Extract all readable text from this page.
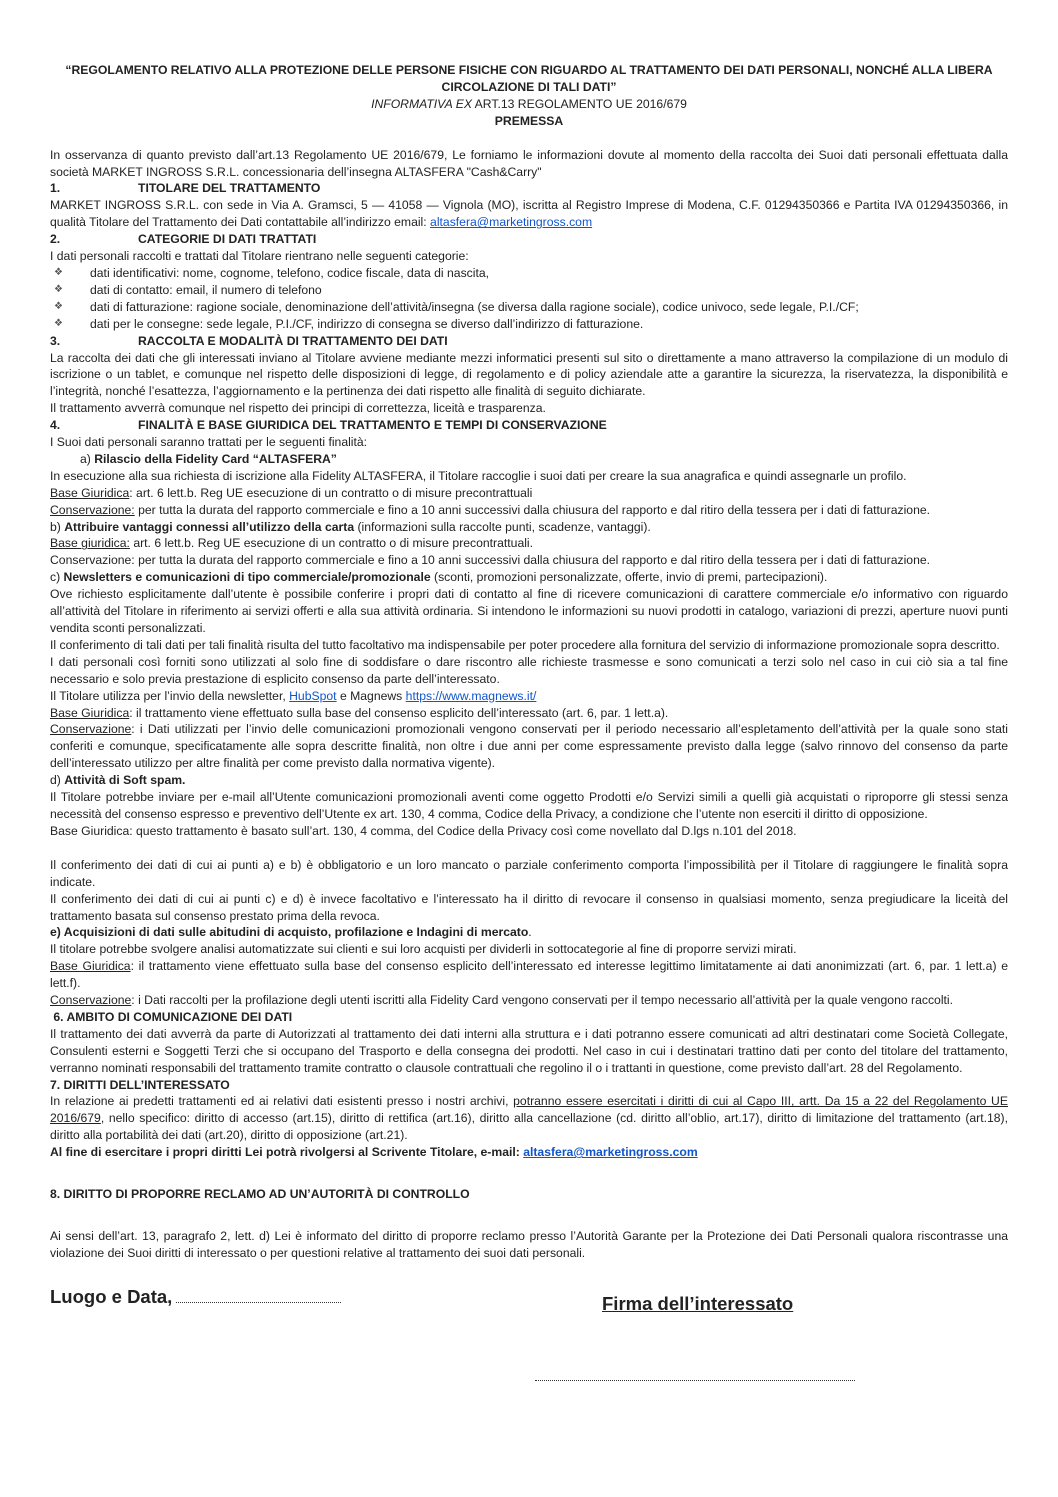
“REGOLAMENTO RELATIVO ALLA PROTEZIONE DELLE PERSONE FISICHE CON RIGUARDO AL TRATTAMENTO DEI DATI PERSONALI, NONCHÉ ALLA LIBERA CIRCOLAZIONE DI TALI DATI”
INFORMATIVA EX ART.13 REGOLAMENTO UE 2016/679
PREMESSA

In osservanza di quanto previsto dall’art.13 Regolamento UE 2016/679, Le forniamo le informazioni dovute al momento della raccolta dei Suoi dati personali effettuata dalla società MARKET INGROSS S.R.L. concessionaria dell’insegna ALTASFERA "Cash&Carry"

1.	TITOLARE DEL TRATTAMENTO

MARKET INGROSS S.R.L. con sede in Via A. Gramsci, 5 — 41058 — Vignola (MO), iscritta al Registro Imprese di Modena, C.F. 01294350366 e Partita IVA 01294350366, in qualità Titolare del Trattamento dei Dati contattabile all’indirizzo email: altasfera@marketingross.com

2.	CATEGORIE DI DATI TRATTATI

I dati personali raccolti e trattati dal Titolare rientrano nelle seguenti categorie:

❖	dati identificativi: nome, cognome, telefono, codice fiscale, data di nascita,
❖	dati di contatto: email, il numero di telefono
❖	dati di fatturazione: ragione sociale, denominazione dell’attività/insegna (se diversa dalla ragione sociale), codice univoco, sede legale, P.I./CF;
❖	dati per le consegne: sede legale, P.I./CF, indirizzo di consegna se diverso dall’indirizzo di fatturazione.
3.	RACCOLTA E MODALITÀ DI TRATTAMENTO DEI DATI

La raccolta dei dati che gli interessati inviano al Titolare avviene mediante mezzi informatici presenti sul sito o direttamente a mano attraverso la compilazione di un modulo di iscrizione o un tablet, e comunque nel rispetto delle disposizioni di legge, di regolamento e di policy aziendale atte a garantire la sicurezza, la riservatezza, la disponibilità e l’integrità, nonché l’esattezza, l’aggiornamento e la pertinenza dei dati rispetto alle finalità di seguito dichiarate.

Il trattamento avverrà comunque nel rispetto dei principi di correttezza, liceità e trasparenza.

4.	FINALITÀ E BASE GIURIDICA DEL TRATTAMENTO E TEMPI DI CONSERVAZIONE

I Suoi dati personali saranno trattati per le seguenti finalità:

a) Rilascio della Fidelity Card “ALTASFERA”

In esecuzione alla sua richiesta di iscrizione alla Fidelity ALTASFERA, il Titolare raccoglie i suoi dati per creare la sua anagrafica e quindi assegnarle un profilo.

Base Giuridica: art. 6 lett.b. Reg UE esecuzione di un contratto o di misure precontrattuali

Conservazione: per tutta la durata del rapporto commerciale e fino a 10 anni successivi dalla chiusura del rapporto e dal ritiro della tessera per i dati di fatturazione.

b) Attribuire vantaggi connessi all’utilizzo della carta (informazioni sulla raccolte punti, scadenze, vantaggi).

Base giuridica: art. 6 lett.b. Reg UE esecuzione di un contratto o di misure precontrattuali.

Conservazione: per tutta la durata del rapporto commerciale e fino a 10 anni successivi dalla chiusura del rapporto e dal ritiro della tessera per i dati di fatturazione.

c) Newsletters e comunicazioni di tipo commerciale/promozionale (sconti, promozioni personalizzate, offerte, invio di premi, partecipazioni).

Ove richiesto esplicitamente dall’utente è possibile conferire i propri dati di contatto al fine di ricevere comunicazioni di carattere commerciale e/o informativo con riguardo all’attività del Titolare in riferimento ai servizi offerti e alla sua attività ordinaria. Si intendono le informazioni su nuovi prodotti in catalogo, variazioni di prezzi, aperture nuovi punti vendita sconti personalizzati.

Il conferimento di tali dati per tali finalità risulta del tutto facoltativo ma indispensabile per poter procedere alla fornitura del servizio di informazione promozionale sopra descritto.

I dati personali così forniti sono utilizzati al solo fine di soddisfare o dare riscontro alle richieste trasmesse e sono comunicati a terzi solo nel caso in cui ciò sia a tal fine necessario e solo previa prestazione di esplicito consenso da parte dell’interessato.

Il Titolare utilizza per l’invio della newsletter, HubSpot e Magnews https://www.magnews.it/

Base Giuridica: il trattamento viene effettuato sulla base del consenso esplicito dell’interessato (art. 6, par. 1 lett.a).

Conservazione: i Dati utilizzati per l’invio delle comunicazioni promozionali vengono conservati per il periodo necessario all’espletamento dell’attività per la quale sono stati conferiti e comunque, specificatamente alle sopra descritte finalità, non oltre i due anni per come espressamente previsto dalla legge (salvo rinnovo del consenso da parte dell’interessato utilizzo per altre finalità per come previsto dalla normativa vigente).

d) Attività di Soft spam.

Il Titolare potrebbe inviare per e-mail all’Utente comunicazioni promozionali aventi come oggetto Prodotti e/o Servizi simili a quelli già acquistati o riproporre gli stessi senza necessità del consenso espresso e preventivo dell’Utente ex art. 130, 4 comma, Codice della Privacy, a condizione che l’utente non eserciti il diritto di opposizione.

Base Giuridica: questo trattamento è basato sull’art. 130, 4 comma, del Codice della Privacy così come novellato dal D.lgs n.101 del 2018.

Il conferimento dei dati di cui ai punti a) e b) è obbligatorio e un loro mancato o parziale conferimento comporta l’impossibilità per il Titolare di raggiungere le finalità sopra indicate.

Il conferimento dei dati di cui ai punti c) e d) è invece facoltativo e l’interessato ha il diritto di revocare il consenso in qualsiasi momento, senza pregiudicare la liceità del trattamento basata sul consenso prestato prima della revoca.

e) Acquisizioni di dati sulle abitudini di acquisto, profilazione e Indagini di mercato.

Il titolare potrebbe svolgere analisi automatizzate sui clienti e sui loro acquisti per dividerli in sottocategorie al fine di proporre servizi mirati.

Base Giuridica: il trattamento viene effettuato sulla base del consenso esplicito dell’interessato ed interesse legittimo limitatamente ai dati anonimizzati (art. 6, par. 1 lett.a) e lett.f).

Conservazione: i Dati raccolti per la profilazione degli utenti iscritti alla Fidelity Card vengono conservati per il tempo necessario all’attività per la quale vengono raccolti.

6. AMBITO DI COMUNICAZIONE DEI DATI

Il trattamento dei dati avverrà da parte di Autorizzati al trattamento dei dati interni alla struttura e i dati potranno essere comunicati ad altri destinatari come Società Collegate, Consulenti esterni e Soggetti Terzi che si occupano del Trasporto e della consegna dei prodotti. Nel caso in cui i destinatari trattino dati per conto del titolare del trattamento, verranno nominati responsabili del trattamento tramite contratto o clausole contrattuali che regolino il o i trattanti in questione, come previsto dall’art. 28 del Regolamento.

7. DIRITTI DELL’INTERESSATO

In relazione ai predetti trattamenti ed ai relativi dati esistenti presso i nostri archivi, potranno essere esercitati i diritti di cui al Capo III, artt. Da 15 a 22 del Regolamento UE 2016/679, nello specifico: diritto di accesso (art.15), diritto di rettifica (art.16), diritto alla cancellazione (cd. diritto all’oblio, art.17), diritto di limitazione del trattamento (art.18), diritto alla portabilità dei dati (art.20), diritto di opposizione (art.21).

Al fine di esercitare i propri diritti Lei potrà rivolgersi al Scrivente Titolare, e-mail: altasfera@marketingross.com

8. DIRITTO DI PROPORRE RECLAMO AD UN’AUTORITÀ DI CONTROLLO

Ai sensi dell’art. 13, paragrafo 2, lett. d) Lei è informato del diritto di proporre reclamo presso l’Autorità Garante per la Protezione dei Dati Personali qualora riscontrasse una violazione dei Suoi diritti di interessato o per questioni relative al trattamento dei suoi dati personali.

Luogo e Data,	Firma dell’interessato
